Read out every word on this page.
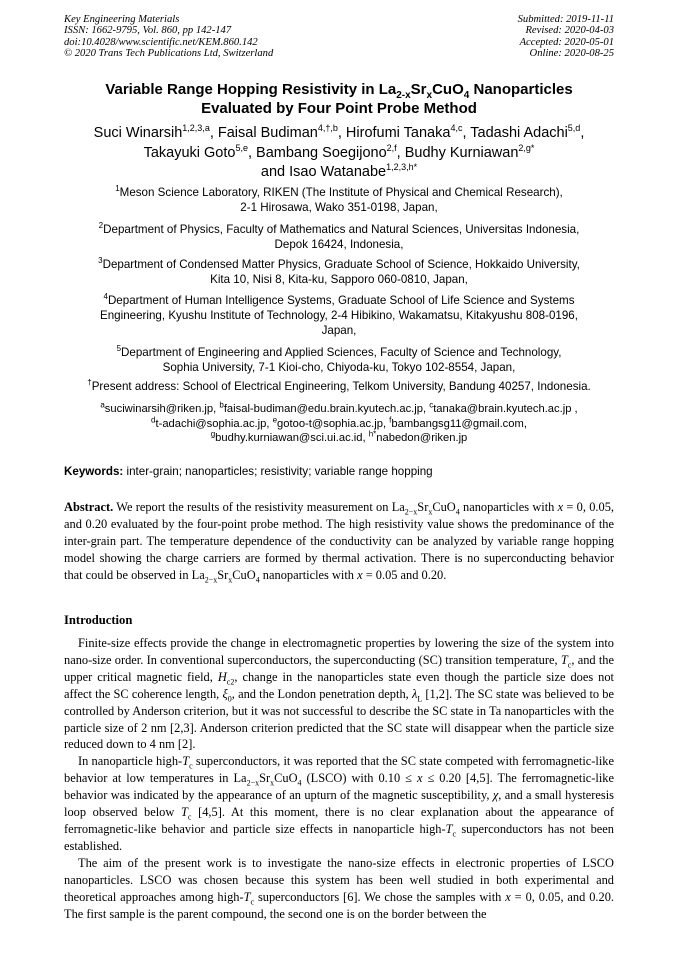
Key Engineering Materials
ISSN: 1662-9795, Vol. 860, pp 142-147
doi:10.4028/www.scientific.net/KEM.860.142
© 2020 Trans Tech Publications Ltd, Switzerland
Submitted: 2019-11-11
Revised: 2020-04-03
Accepted: 2020-05-01
Online: 2020-08-25
Variable Range Hopping Resistivity in $La_{2-x}Sr_xCuO_4$ Nanoparticles
Evaluated by Four Point Probe Method
Suci Winarsih$^{1,2,3,a}$, Faisal Budiman$^{4,\dagger,b}$, Hirofumi Tanaka$^{4,c}$, Tadashi Adachi$^{5,d}$,
Takayuki Goto$^{5,e}$, Bambang Soegijono$^{2,f}$, Budhy Kurniawan$^{2,g*}$
and Isao Watanabe$^{1,2,3,h*}$
$^1$Meson Science Laboratory, RIKEN (The Institute of Physical and Chemical Research),
2-1 Hirosawa, Wako 351-0198, Japan,
$^2$Department of Physics, Faculty of Mathematics and Natural Sciences, Universitas Indonesia,
Depok 16424, Indonesia,
$^3$Department of Condensed Matter Physics, Graduate School of Science, Hokkaido University,
Kita 10, Nisi 8, Kita-ku, Sapporo 060-0810, Japan,
$^4$Department of Human Intelligence Systems, Graduate School of Life Science and Systems
Engineering, Kyushu Institute of Technology, 2-4 Hibikino, Wakamatsu, Kitakyushu 808-0196,
Japan,
$^5$Department of Engineering and Applied Sciences, Faculty of Science and Technology,
Sophia University, 7-1 Kioi-cho, Chiyoda-ku, Tokyo 102-8554, Japan,
†Present address: School of Electrical Engineering, Telkom University, Bandung 40257, Indonesia.
$^a$suciwinarsih@riken.jp, $^b$faisal-budiman@edu.brain.kyutech.ac.jp, $^c$tanaka@brain.kyutech.ac.jp ,
$^d$t-adachi@sophia.ac.jp, $^e$gotoo-t@sophia.ac.jp, $^f$bambangsg11@gmail.com,
$^g$budhy.kurniawan@sci.ui.ac.id, $^{h*}$nabedon@riken.jp
Keywords: inter-grain; nanoparticles; resistivity; variable range hopping
Abstract. We report the results of the resistivity measurement on $La_{2-x}Sr_xCuO_4$ nanoparticles with x = 0, 0.05, and 0.20 evaluated by the four-point probe method. The high resistivity value shows the predominance of the inter-grain part. The temperature dependence of the conductivity can be analyzed by variable range hopping model showing the charge carriers are formed by thermal activation. There is no superconducting behavior that could be observed in $La_{2-x}Sr_xCuO_4$ nanoparticles with x = 0.05 and 0.20.
Introduction

Finite-size effects provide the change in electromagnetic properties by lowering the size of the system into nano-size order. In conventional superconductors, the superconducting (SC) transition temperature, $T_c$, and the upper critical magnetic field, $H_{c2}$, change in the nanoparticles state even though the particle size does not affect the SC coherence length, $\xi_0$, and the London penetration depth, $\lambda_L$ [1,2]. The SC state was believed to be controlled by Anderson criterion, but it was not successful to describe the SC state in Ta nanoparticles with the particle size of 2 nm [2,3]. Anderson criterion predicted that the SC state will disappear when the particle size reduced down to 4 nm [2].

In nanoparticle high-$T_c$ superconductors, it was reported that the SC state competed with ferromagnetic-like behavior at low temperatures in $La_{2-x}Sr_xCuO_4$ (LSCO) with 0.10 ≤ x ≤ 0.20 [4,5]. The ferromagnetic-like behavior was indicated by the appearance of an upturn of the magnetic susceptibility, χ, and a small hysteresis loop observed below $T_c$ [4,5]. At this moment, there is no clear explanation about the appearance of ferromagnetic-like behavior and particle size effects in nanoparticle high-$T_c$ superconductors has not been established.

The aim of the present work is to investigate the nano-size effects in electronic properties of LSCO nanoparticles. LSCO was chosen because this system has been well studied in both experimental and theoretical approaches among high-$T_c$ superconductors [6]. We chose the samples with x = 0, 0.05, and 0.20. The first sample is the parent compound, the second one is on the border between the
